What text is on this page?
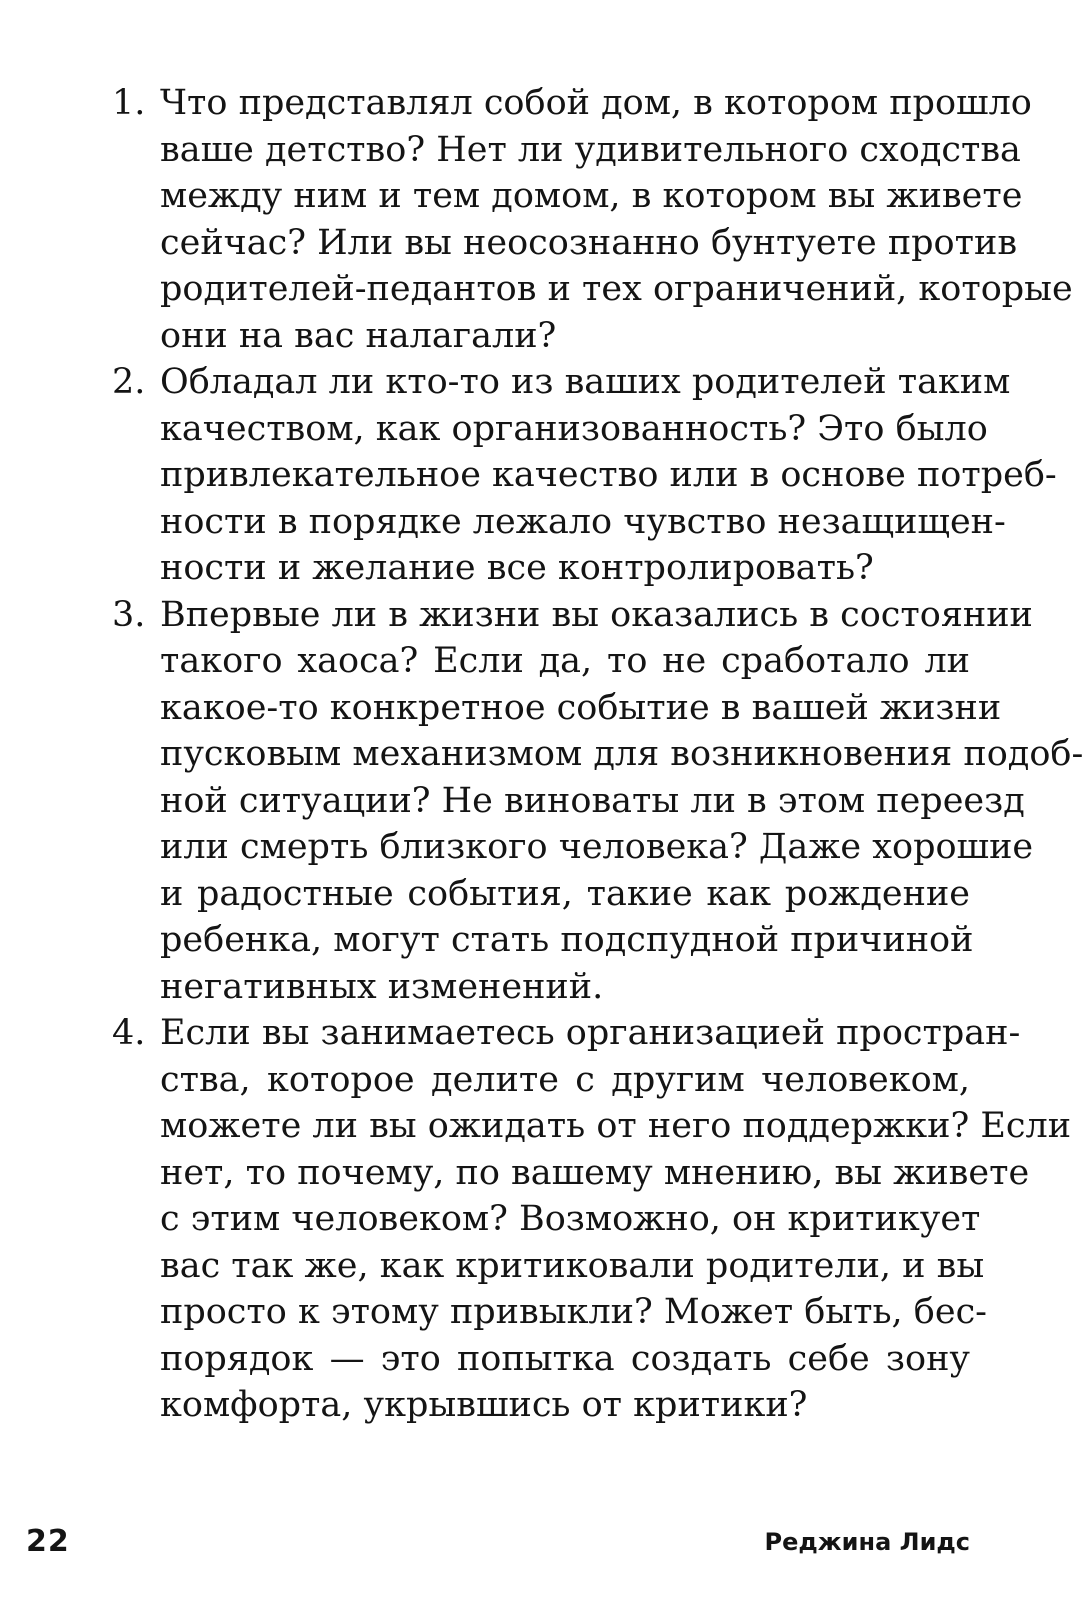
1. Что представлял собой дом, в котором прошло
ваше детство? Нет ли удивительного сходства
между ним и тем домом, в котором вы живете
сейчас? Или вы неосознанно бунтуете против
родителей-педантов и тех ограничений, которые
они на вас налагали?
2. Обладал ли кто-то из ваших родителей таким
качеством, как организованность? Это было
привлекательное качество или в основе потреб-
ности в порядке лежало чувство незащищен-
ности и желание все контролировать?
3. Впервые ли в жизни вы оказались в состоянии
такого хаоса? Если да, то не сработало ли
какое-то конкретное событие в вашей жизни
пусковым механизмом для возникновения подоб-
ной ситуации? Не виноваты ли в этом переезд
или смерть близкого человека? Даже хорошие
и радостные события, такие как рождение
ребенка, могут стать подспудной причиной
негативных изменений.
4. Если вы занимаетесь организацией простран-
ства, которое делите с другим человеком,
можете ли вы ожидать от него поддержки? Если
нет, то почему, по вашему мнению, вы живете
с этим человеком? Возможно, он критикует
вас так же, как критиковали родители, и вы
просто к этому привыкли? Может быть, бес-
порядок — это попытка создать себе зону
комфорта, укрывшись от критики?
22	Реджина Лидс
